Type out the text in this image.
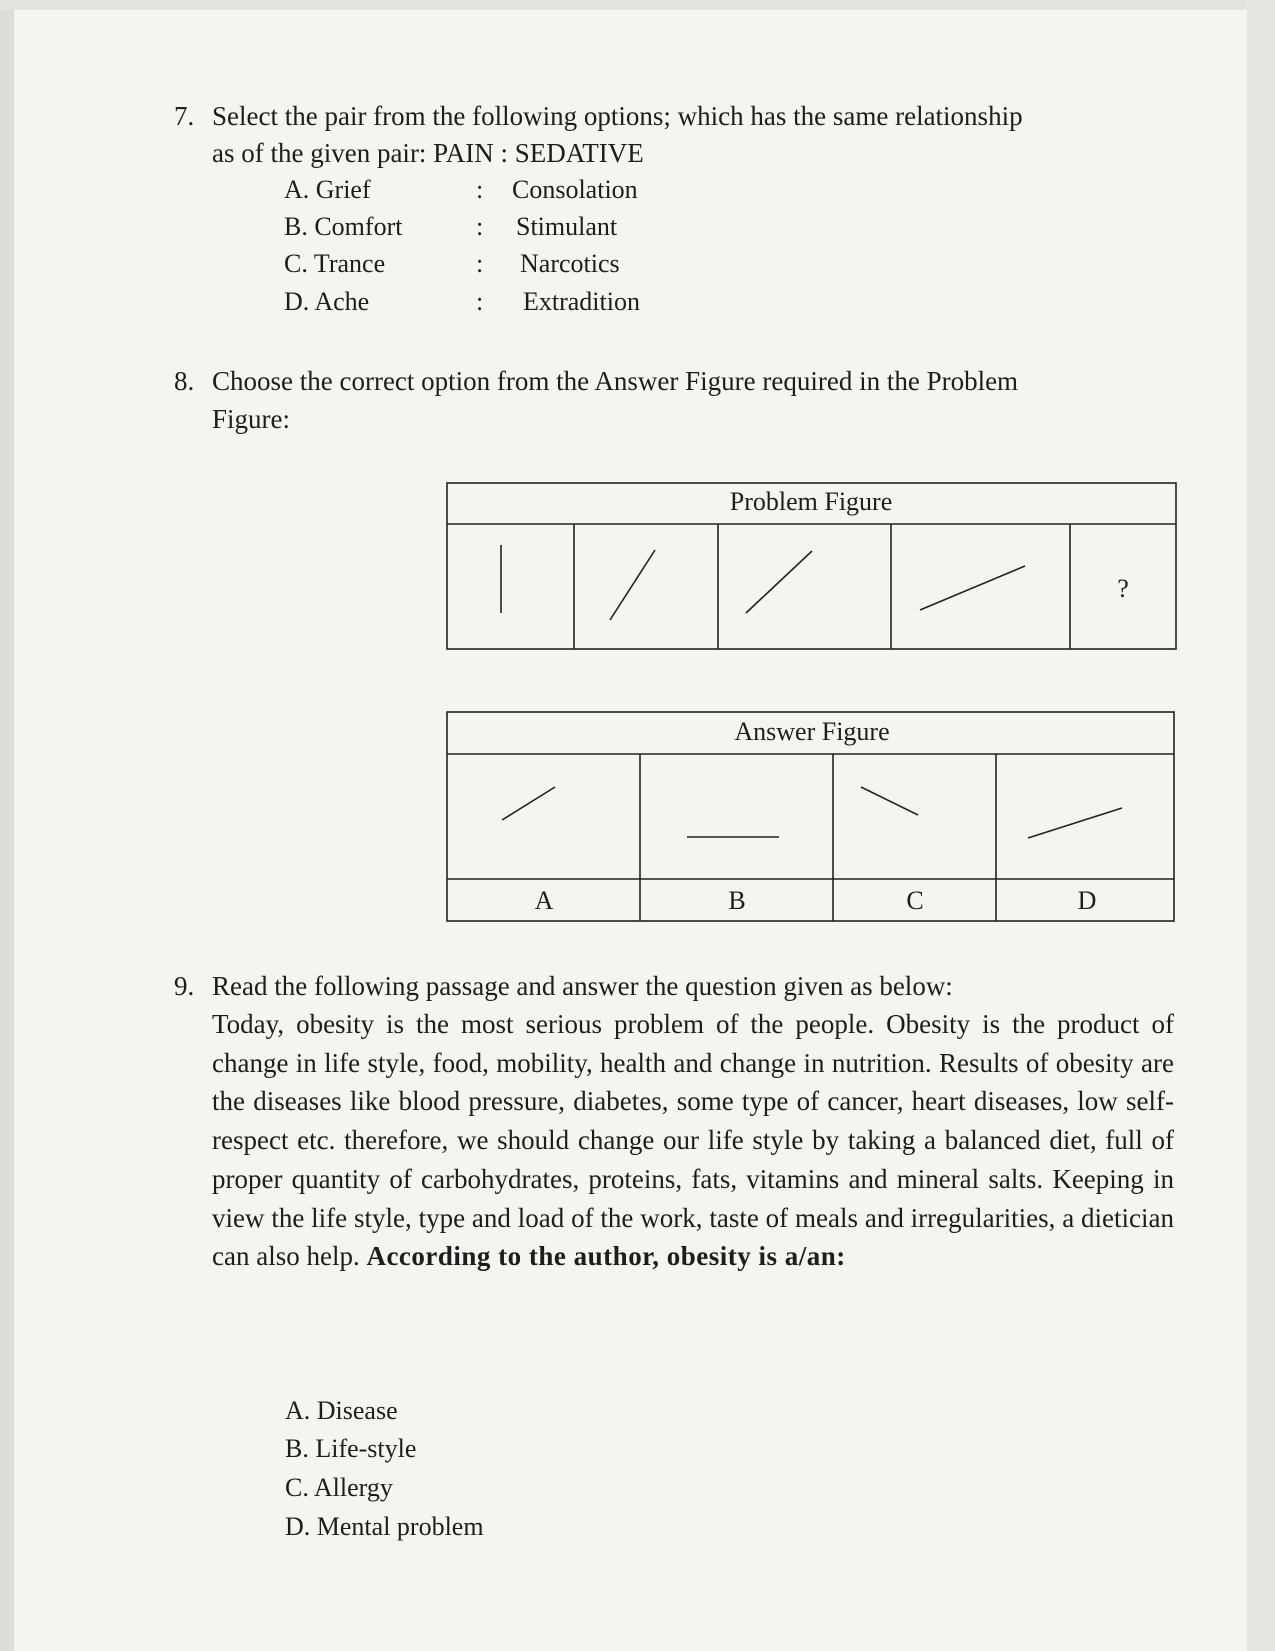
7. Select the pair from the following options; which has the same relationship
as of the given pair: PAIN : SEDATIVE
A. Grief	: Consolation
B. Comfort	: Stimulant
C. Trance	: Narcotics
D. Ache	: Extradition
8. Choose the correct option from the Answer Figure required in the Problem
Figure:
Problem Figure
?
Answer Figure
A	B	C	D
9. Read the following passage and answer the question given as below:
Today, obesity is the most serious problem of the people. Obesity is the product of change in life style, food, mobility, health and change in nutrition. Results of obesity are the diseases like blood pressure, diabetes, some type of cancer, heart diseases, low self-respect etc. therefore, we should change our life style by taking a balanced diet, full of proper quantity of carbohydrates, proteins, fats, vitamins and mineral salts. Keeping in view the life style, type and load of the work, taste of meals and irregularities, a dietician can also help. According to the author, obesity is a/an:
A. Disease
B. Life-style
C. Allergy
D. Mental problem
